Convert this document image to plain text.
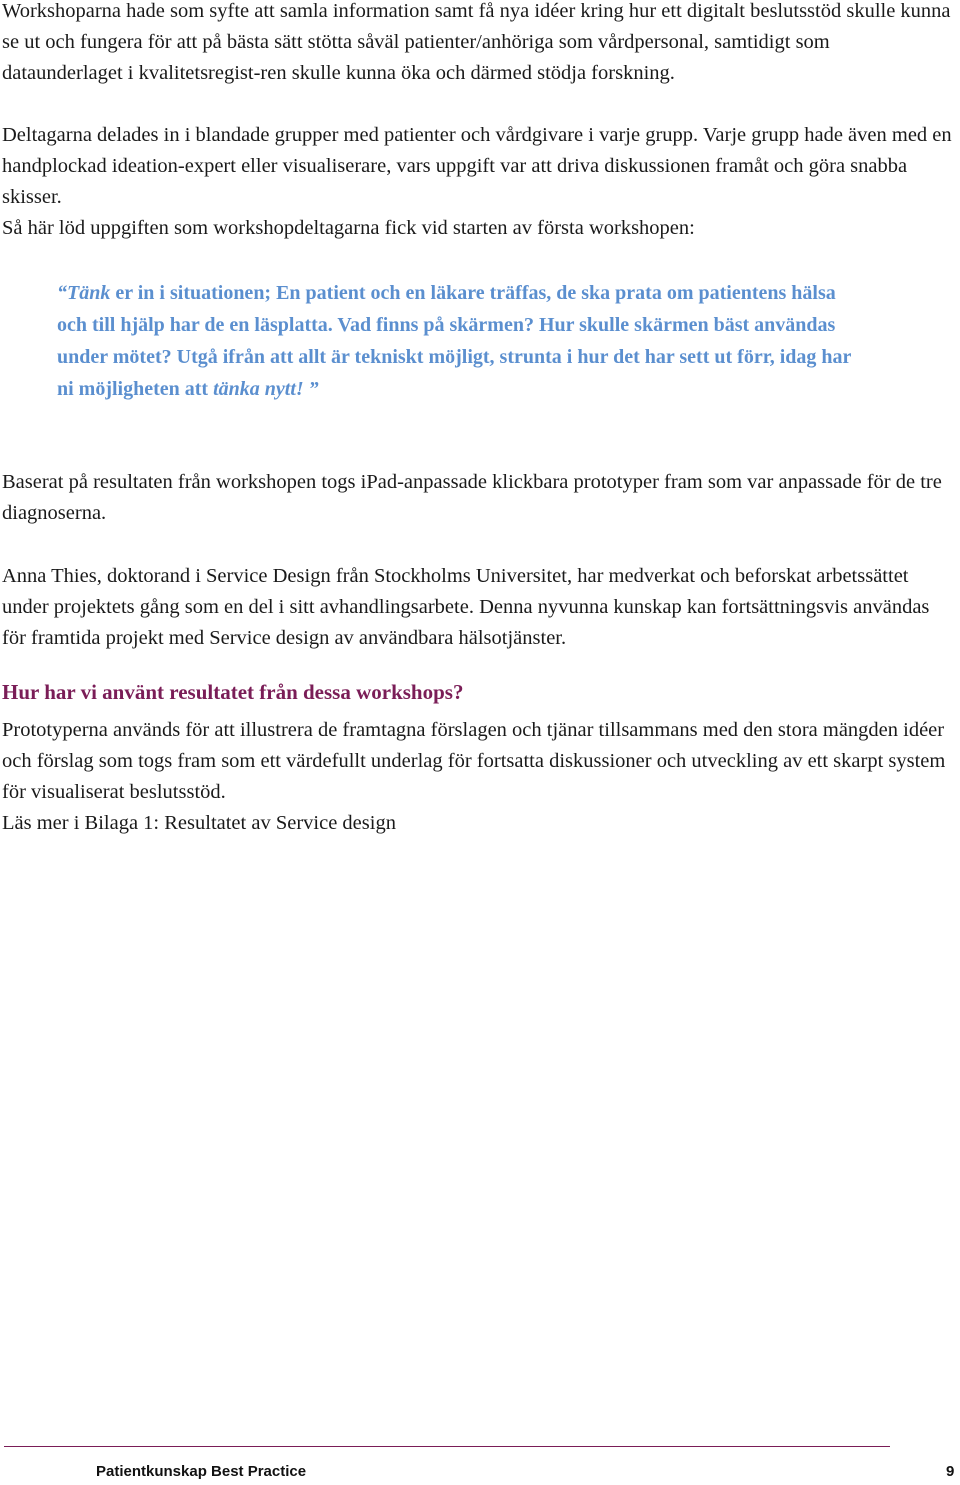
Workshoparna hade som syfte att samla information samt få nya idéer kring hur ett digitalt beslutsstöd skulle kunna se ut och fungera för att på bästa sätt stötta såväl patienter/anhöriga som vårdpersonal, samtidigt som dataunderlaget i kvalitetsregist-ren skulle kunna öka och därmed stödja forskning.

Deltagarna delades in i blandade grupper med patienter och vårdgivare i varje grupp. Varje grupp hade även med en handplockad ideation-expert eller visualiserare, vars uppgift var att driva diskussionen framåt och göra snabba skisser.

Så här löd uppgiften som workshopdeltagarna fick vid starten av första workshopen:

“Tänk er in i situationen; En patient och en läkare träffas, de ska prata om patientens hälsa och till hjälp har de en läsplatta. Vad finns på skärmen? Hur skulle skärmen bäst användas under mötet? Utgå ifrån att allt är tekniskt möjligt, strunta i hur det har sett ut förr, idag har ni möjligheten att tänka nytt! ”

Baserat på resultaten från workshopen togs iPad-anpassade klickbara prototyper fram som var anpassade för de tre diagnoserna.

Anna Thies, doktorand i Service Design från Stockholms Universitet, har medverkat och beforskat arbetssättet under projektets gång som en del i sitt avhandlingsarbete. Denna nyvunna kunskap kan fortsättningsvis användas för framtida projekt med Service design av användbara hälsotjänster.

Hur har vi använt resultatet från dessa workshops?

Prototyperna används för att illustrera de framtagna förslagen och tjänar tillsammans med den stora mängden idéer och förslag som togs fram som ett värdefullt underlag för fortsatta diskussioner och utveckling av ett skarpt system för visualiserat beslutsstöd.

Läs mer i Bilaga 1: Resultatet av Service design

Patientkunskap Best Practice	9
